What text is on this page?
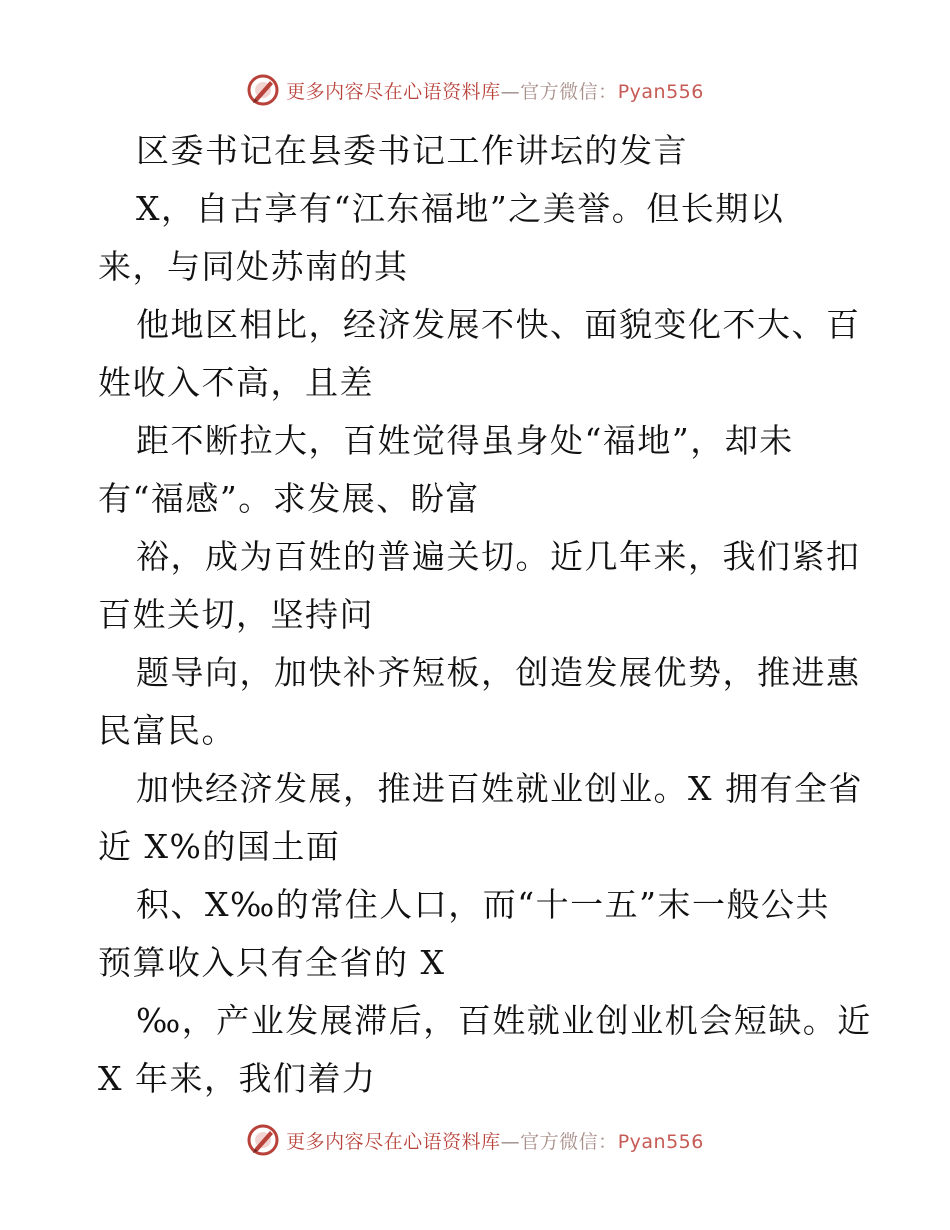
更多内容尽在心语资料库—官方微信：Pyan556
区委书记在县委书记工作讲坛的发言
X，自古享有“江东福地”之美誉。但长期以
来，与同处苏南的其
他地区相比，经济发展不快、面貌变化不大、百
姓收入不高，且差
距不断拉大，百姓觉得虽身处“福地”，却未
有“福感”。求发展、盼富
裕，成为百姓的普遍关切。近几年来，我们紧扣
百姓关切，坚持问
题导向，加快补齐短板，创造发展优势，推进惠
民富民。
加快经济发展，推进百姓就业创业。X 拥有全省
近 X%的国土面
积、X‰的常住人口，而“十一五”末一般公共
预算收入只有全省的 X
‰，产业发展滞后，百姓就业创业机会短缺。近
X 年来，我们着力
更多内容尽在心语资料库—官方微信：Pyan556
